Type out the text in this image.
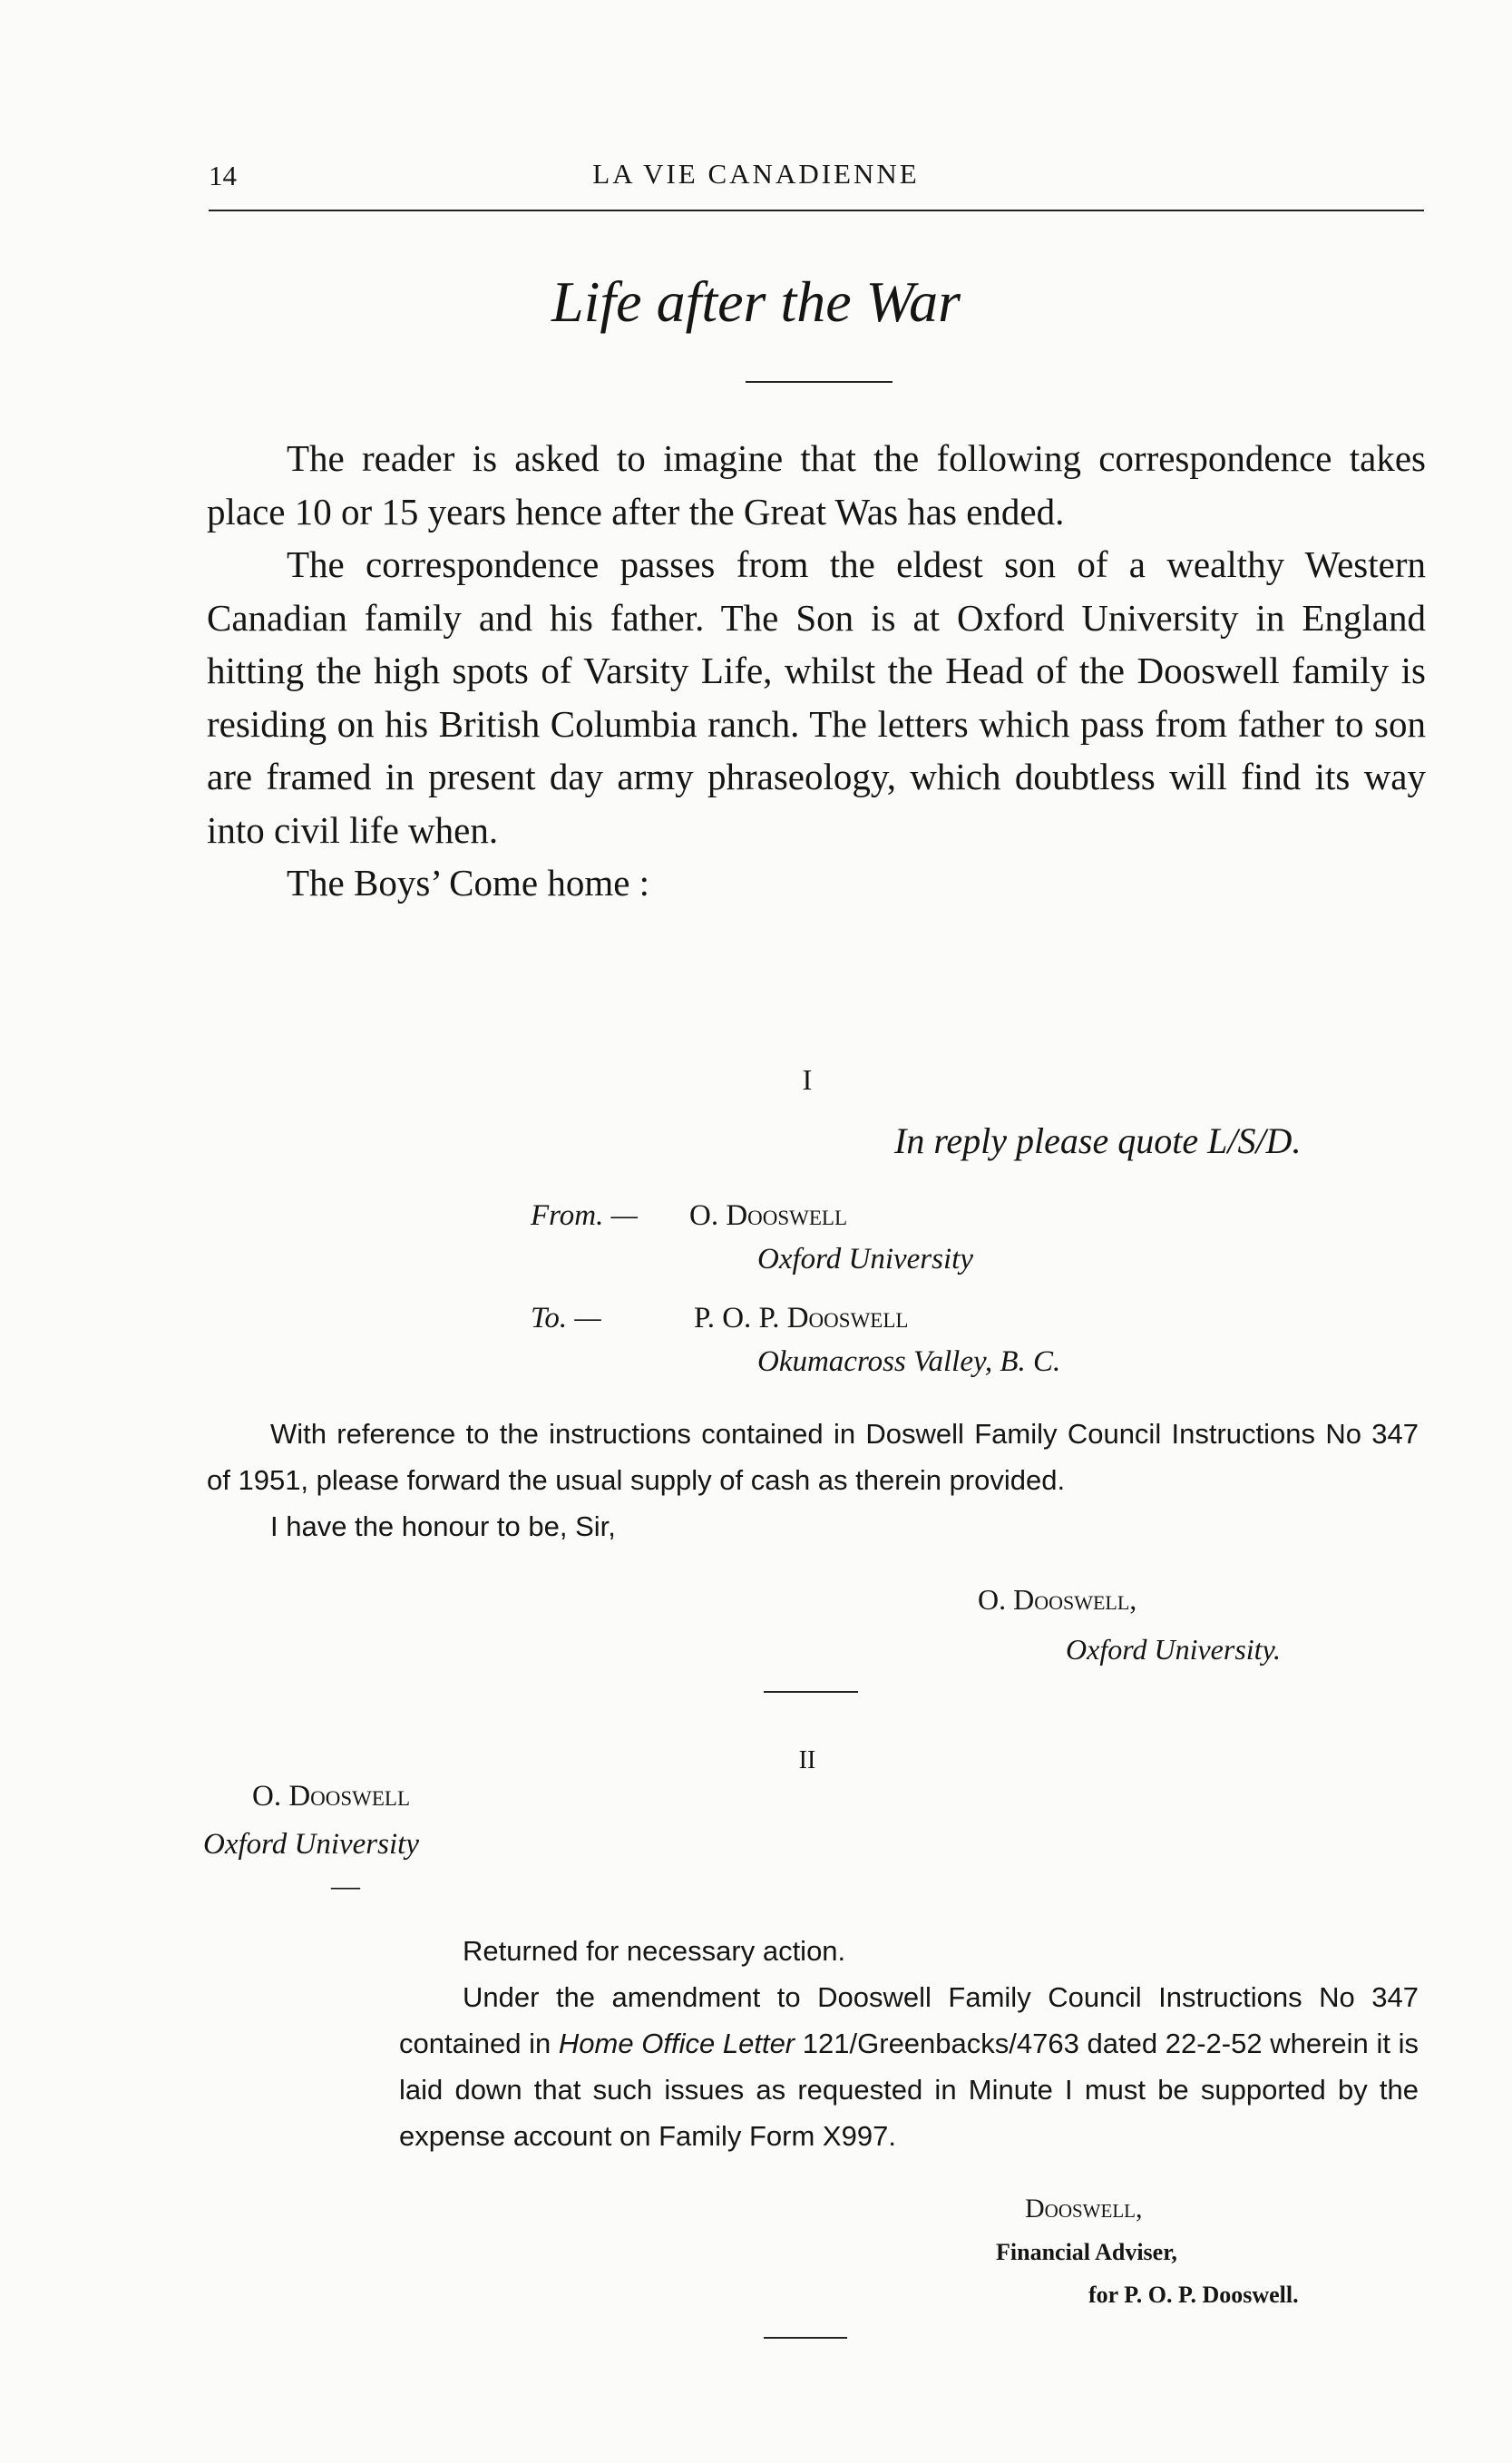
14	LA VIE CANADIENNE
Life after the War

The reader is asked to imagine that the following correspondence takes place 10 or 15 years hence after the Great Was has ended.

The correspondence passes from the eldest son of a wealthy Western Canadian family and his father. The Son is at Oxford University in England hitting the high spots of Varsity Life, whilst the Head of the Dooswell family is residing on his British Columbia ranch. The letters which pass from father to son are framed in present day army phraseology, which doubtless will find its way into civil life when.

The Boys’ Come home :

I
In reply please quote L/S/D.
From. — O. Dooswell
Oxford University
To. —	P. O. P. Dooswell
Okumacross Valley, B. C.

With reference to the instructions contained in Doswell Family Council Instructions No 347 of 1951, please forward the usual supply of cash as therein provided.

I have the honour to be, Sir,

O. Dooswell,
Oxford University.
II
O. Dooswell
Oxford University
—

Returned for necessary action.

Under the amendment to Dooswell Family Council Instructions No 347 contained in Home Office Letter 121/Greenbacks/4763 dated 22-2-52 wherein it is laid down that such issues as requested in Minute I must be supported by the expense account on Family Form X997.

Dooswell,
Financial Adviser,
for P. O. P. Dooswell.
